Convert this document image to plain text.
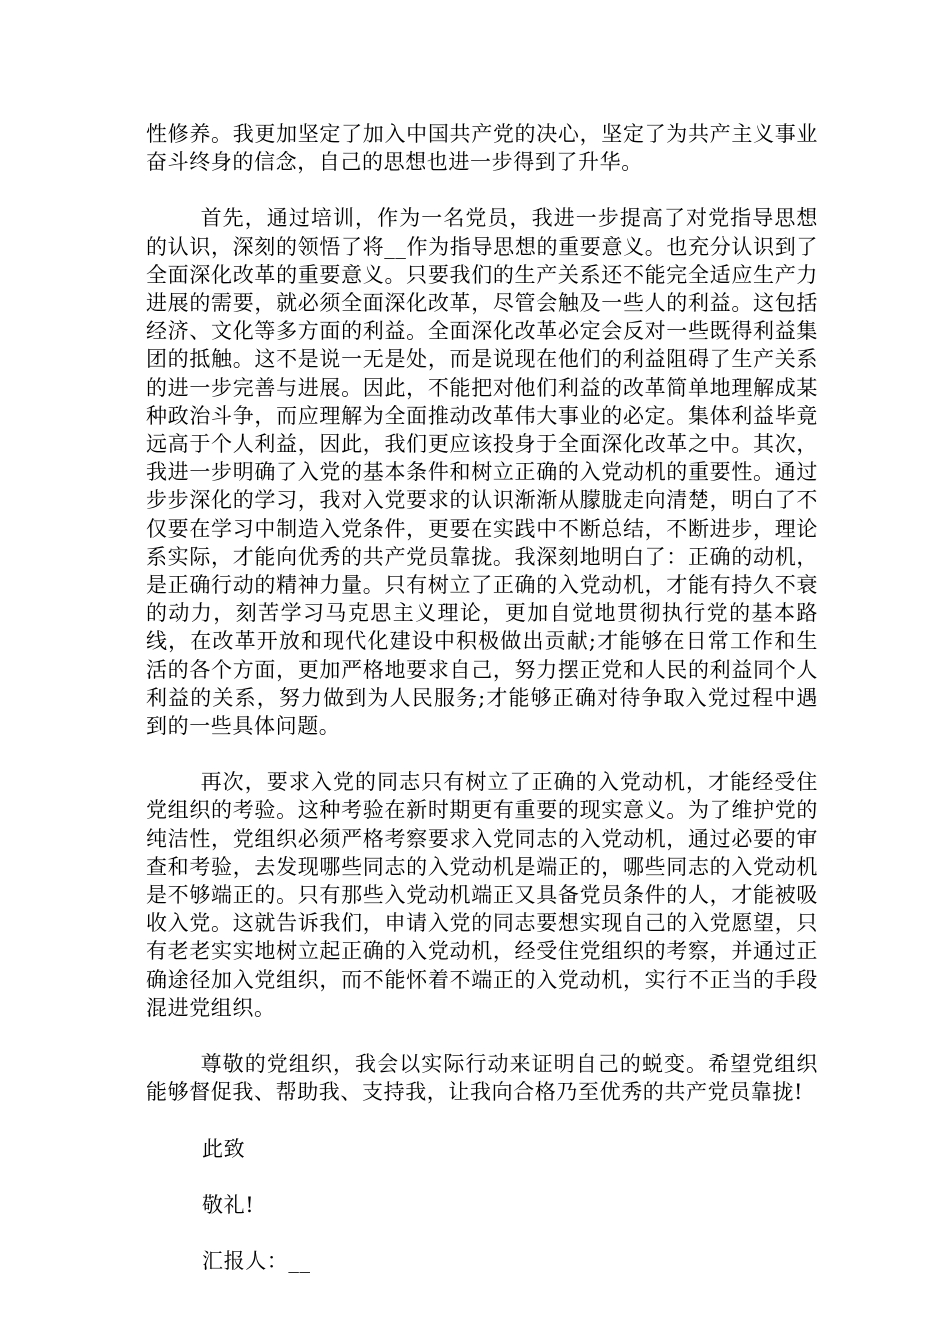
性修养。我更加坚定了加入中国共产党的决心，坚定了为共产主义事业奋斗终身的信念，自己的思想也进一步得到了升华。

首先，通过培训，作为一名党员，我进一步提高了对党指导思想的认识，深刻的领悟了将__作为指导思想的重要意义。也充分认识到了全面深化改革的重要意义。只要我们的生产关系还不能完全适应生产力进展的需要，就必须全面深化改革，尽管会触及一些人的利益。这包括经济、文化等多方面的利益。全面深化改革必定会反对一些既得利益集团的抵触。这不是说一无是处，而是说现在他们的利益阻碍了生产关系的进一步完善与进展。因此，不能把对他们利益的改革简单地理解成某种政治斗争，而应理解为全面推动改革伟大事业的必定。集体利益毕竟远高于个人利益，因此，我们更应该投身于全面深化改革之中。其次，我进一步明确了入党的基本条件和树立正确的入党动机的重要性。通过步步深化的学习，我对入党要求的认识渐渐从朦胧走向清楚，明白了不仅要在学习中制造入党条件，更要在实践中不断总结，不断进步，理论系实际，才能向优秀的共产党员靠拢。我深刻地明白了：正确的动机，是正确行动的精神力量。只有树立了正确的入党动机，才能有持久不衰的动力，刻苦学习马克思主义理论，更加自觉地贯彻执行党的基本路线，在改革开放和现代化建设中积极做出贡献;才能够在日常工作和生活的各个方面，更加严格地要求自己，努力摆正党和人民的利益同个人利益的关系，努力做到为人民服务;才能够正确对待争取入党过程中遇到的一些具体问题。

再次，要求入党的同志只有树立了正确的入党动机，才能经受住党组织的考验。这种考验在新时期更有重要的现实意义。为了维护党的纯洁性，党组织必须严格考察要求入党同志的入党动机，通过必要的审查和考验，去发现哪些同志的入党动机是端正的，哪些同志的入党动机是不够端正的。只有那些入党动机端正又具备党员条件的人，才能被吸收入党。这就告诉我们，申请入党的同志要想实现自己的入党愿望，只有老老实实地树立起正确的入党动机，经受住党组织的考察，并通过正确途径加入党组织，而不能怀着不端正的入党动机，实行不正当的手段混进党组织。

尊敬的党组织，我会以实际行动来证明自己的蜕变。希望党组织能够督促我、帮助我、支持我，让我向合格乃至优秀的共产党员靠拢!

此致

敬礼!

汇报人：__
